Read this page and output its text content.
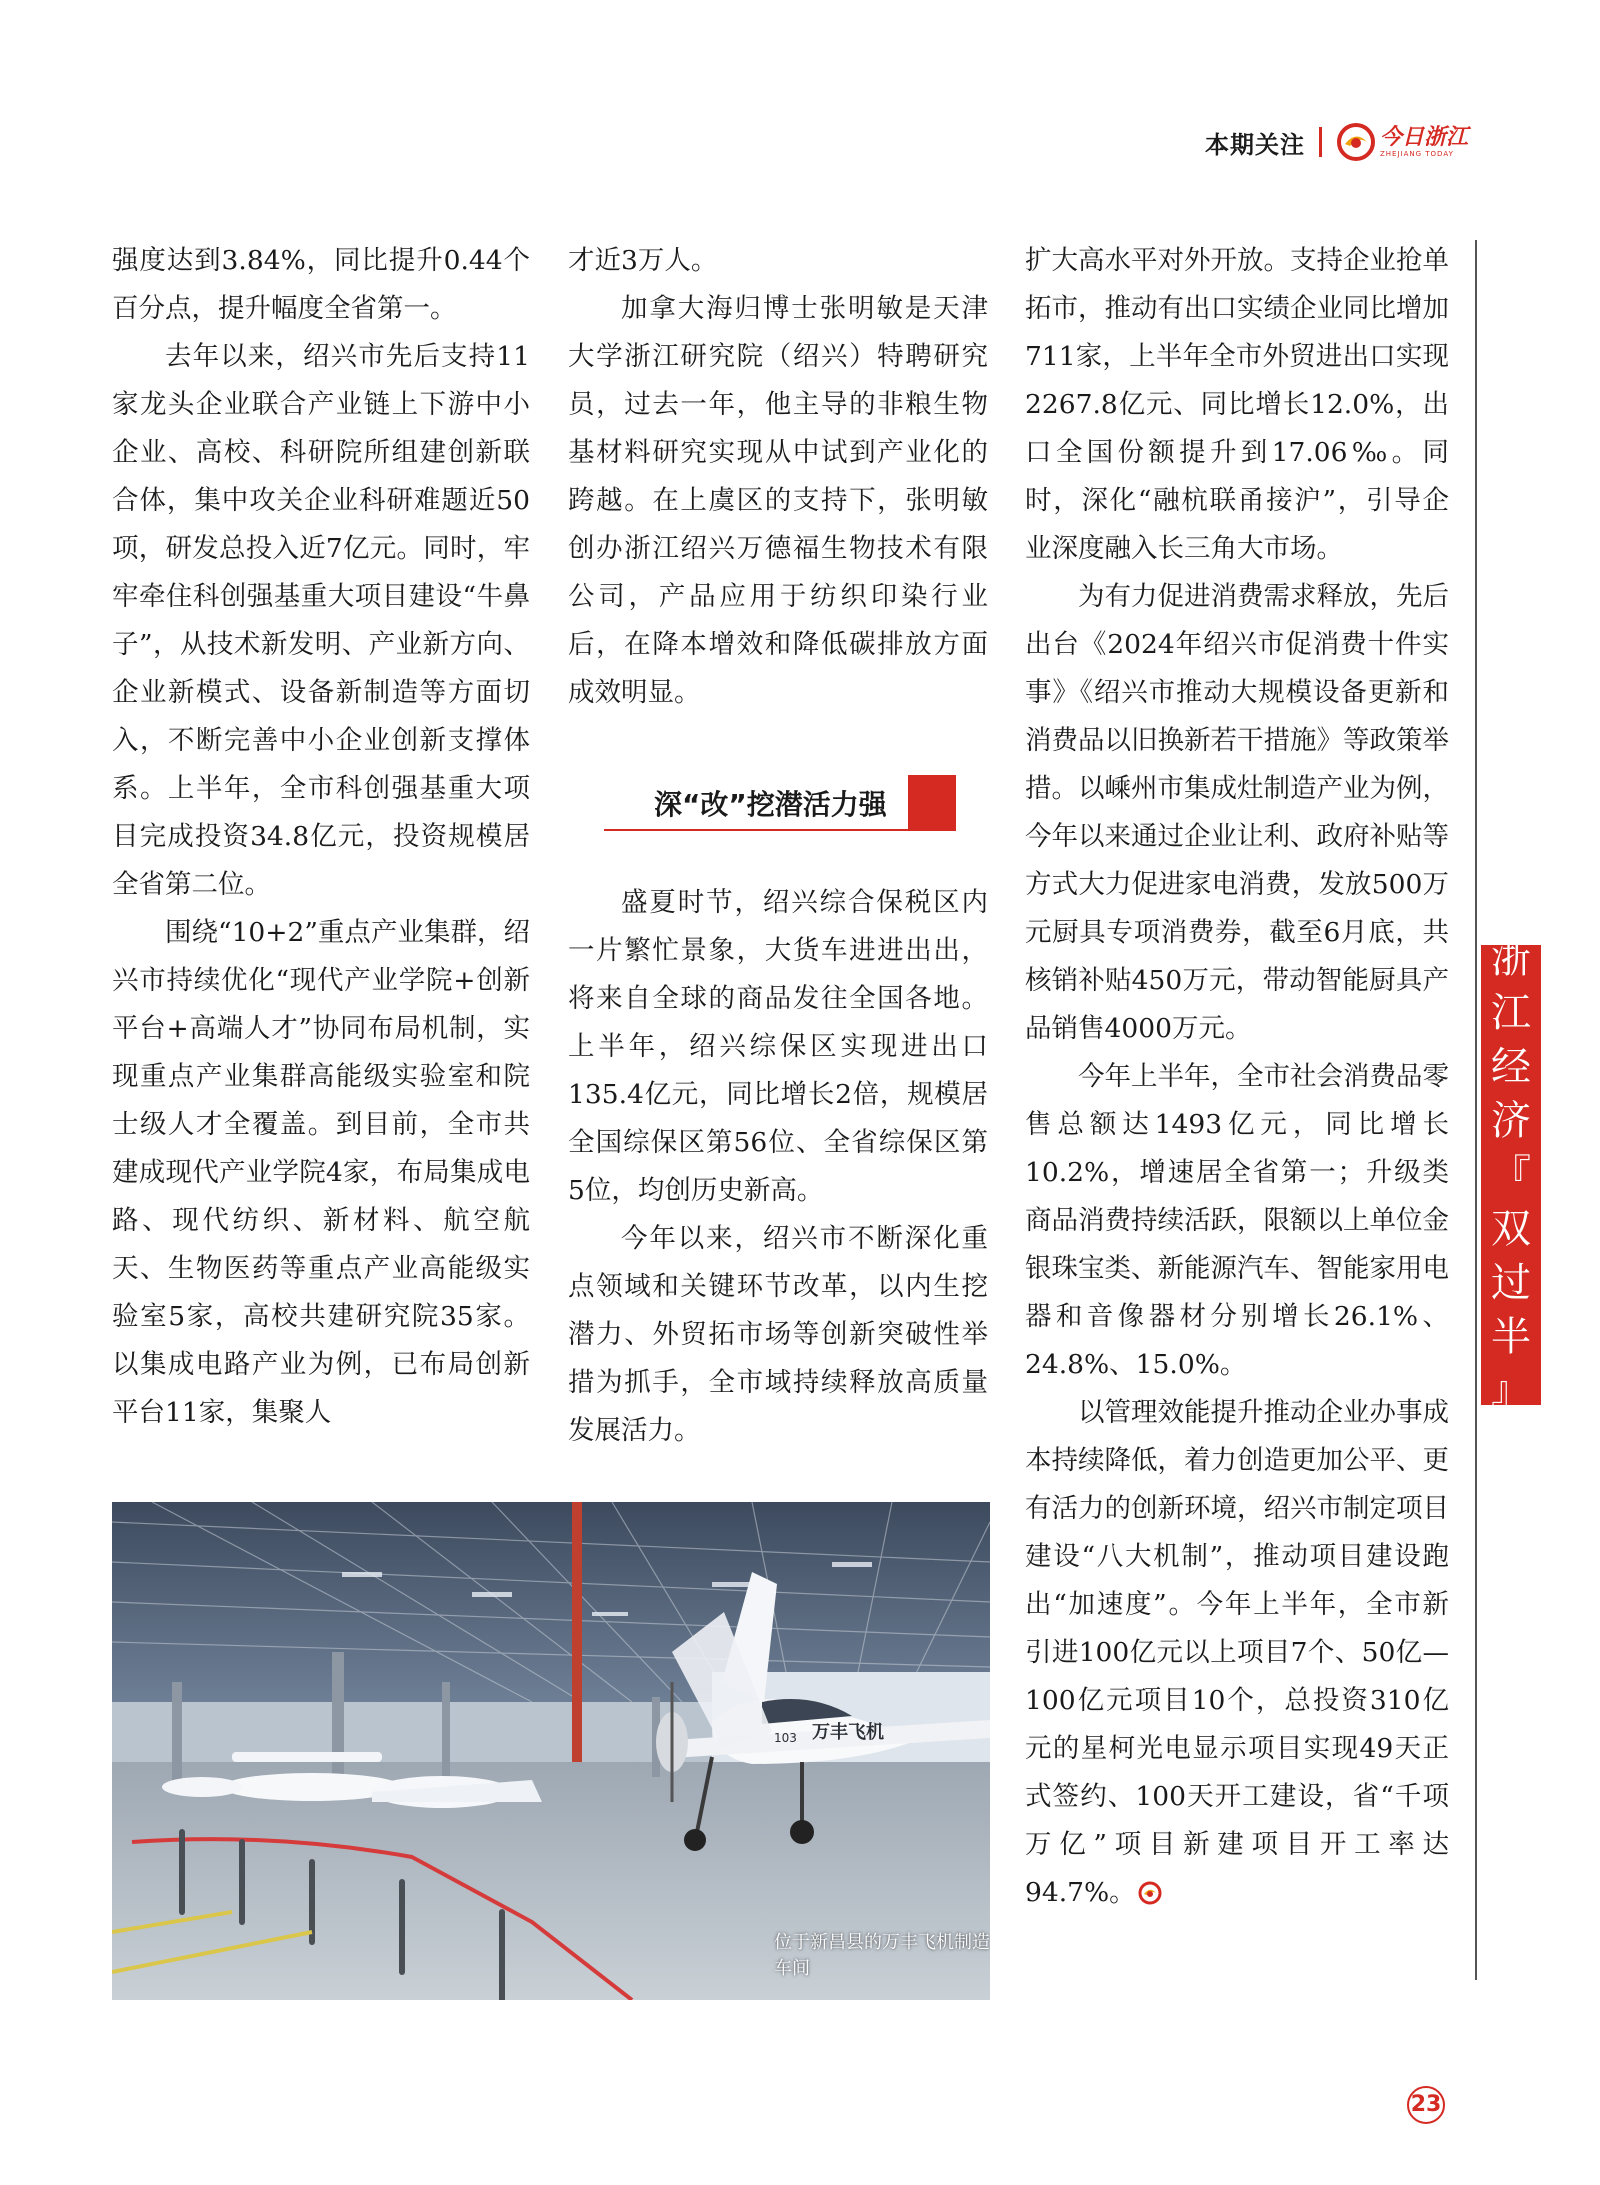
本期关注	今日浙江
ZHEJIANG TODAY

强度达到3.84%，同比提升0.44个百分点，提升幅度全省第一。

去年以来，绍兴市先后支持11家龙头企业联合产业链上下游中小企业、高校、科研院所组建创新联合体，集中攻关企业科研难题近50项，研发总投入近7亿元。同时，牢牢牵住科创强基重大项目建设“牛鼻子”，从技术新发明、产业新方向、企业新模式、设备新制造等方面切入，不断完善中小企业创新支撑体系。上半年，全市科创强基重大项目完成投资34.8亿元，投资规模居全省第二位。

围绕“10+2”重点产业集群，绍兴市持续优化“现代产业学院+创新平台+高端人才”协同布局机制，实现重点产业集群高能级实验室和院士级人才全覆盖。到目前，全市共建成现代产业学院4家，布局集成电路、现代纺织、新材料、航空航天、生物医药等重点产业高能级实验室5家，高校共建研究院35家。以集成电路产业为例，已布局创新平台11家，集聚人

才近3万人。

加拿大海归博士张明敏是天津大学浙江研究院（绍兴）特聘研究员，过去一年，他主导的非粮生物基材料研究实现从中试到产业化的跨越。在上虞区的支持下，张明敏创办浙江绍兴万德福生物技术有限公司，产品应用于纺织印染行业后，在降本增效和降低碳排放方面成效明显。

深“改”挖潜活力强

盛夏时节，绍兴综合保税区内一片繁忙景象，大货车进进出出，将来自全球的商品发往全国各地。上半年，绍兴综保区实现进出口135.4亿元，同比增长2倍，规模居全国综保区第56位、全省综保区第5位，均创历史新高。

今年以来，绍兴市不断深化重点领域和关键环节改革，以内生挖潜力、外贸拓市场等创新突破性举措为抓手，全市域持续释放高质量发展活力。

扩大高水平对外开放。支持企业抢单拓市，推动有出口实绩企业同比增加711家，上半年全市外贸进出口实现2267.8亿元、同比增长12.0%，出口全国份额提升到17.06‰。同时，深化“融杭联甬接沪”，引导企业深度融入长三角大市场。

为有力促进消费需求释放，先后出台《2024年绍兴市促消费十件实事》《绍兴市推动大规模设备更新和消费品以旧换新若干措施》等政策举措。以嵊州市集成灶制造产业为例，今年以来通过企业让利、政府补贴等方式大力促进家电消费，发放500万元厨具专项消费券，截至6月底，共核销补贴450万元，带动智能厨具产品销售4000万元。

今年上半年，全市社会消费品零售总额达1493亿元，同比增长10.2%，增速居全省第一；升级类商品消费持续活跃，限额以上单位金银珠宝类、新能源汽车、智能家用电器和音像器材分别增长26.1%、24.8%、15.0%。

以管理效能提升推动企业办事成本持续降低，着力创造更加公平、更有活力的创新环境，绍兴市制定项目建设“八大机制”，推动项目建设跑出“加速度”。今年上半年，全市新引进100亿元以上项目7个、50亿—100亿元项目10个，总投资310亿元的星柯光电显示项目实现49天正式签约、100天开工建设，省“千项万亿”项目新建项目开工率达94.7%。

浙
江
经
济
『
双
过
半
』
万丰飞机
103
位于新昌县的万丰飞机制造车间
23
